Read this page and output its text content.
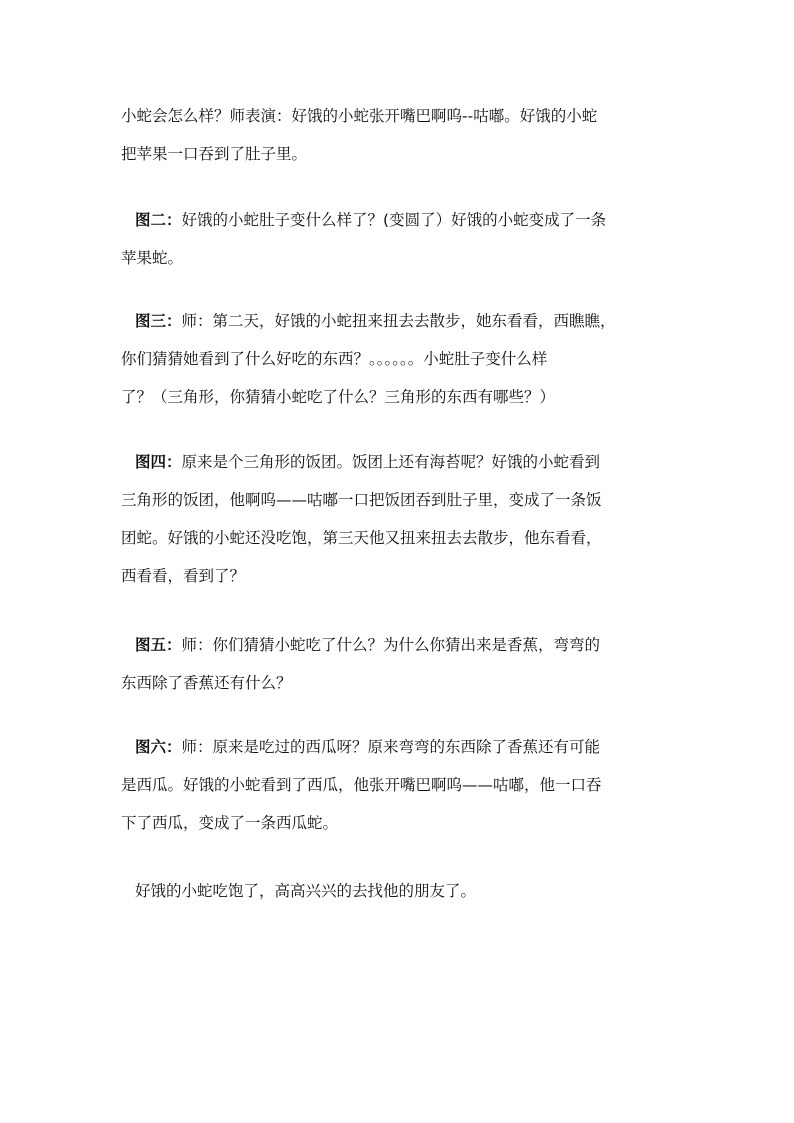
小蛇会怎么样？师表演：好饿的小蛇张开嘴巴啊呜--咕嘟。好饿的小蛇
把苹果一口吞到了肚子里。
图二：好饿的小蛇肚子变什么样了？(变圆了）好饿的小蛇变成了一条
苹果蛇。
图三：师：第二天，好饿的小蛇扭来扭去去散步，她东看看，西瞧瞧，
你们猜猜她看到了什么好吃的东西？。。。。。。小蛇肚子变什么样
了？（三角形，你猜猜小蛇吃了什么？三角形的东西有哪些？）
图四：原来是个三角形的饭团。饭团上还有海苔呢？好饿的小蛇看到
三角形的饭团，他啊呜——咕嘟一口把饭团吞到肚子里，变成了一条饭
团蛇。好饿的小蛇还没吃饱，第三天他又扭来扭去去散步，他东看看，
西看看，看到了？
图五：师：你们猜猜小蛇吃了什么？为什么你猜出来是香蕉，弯弯的
东西除了香蕉还有什么？
图六：师：原来是吃过的西瓜呀？原来弯弯的东西除了香蕉还有可能
是西瓜。好饿的小蛇看到了西瓜，他张开嘴巴啊呜——咕嘟，他一口吞
下了西瓜，变成了一条西瓜蛇。
好饿的小蛇吃饱了，高高兴兴的去找他的朋友了。
